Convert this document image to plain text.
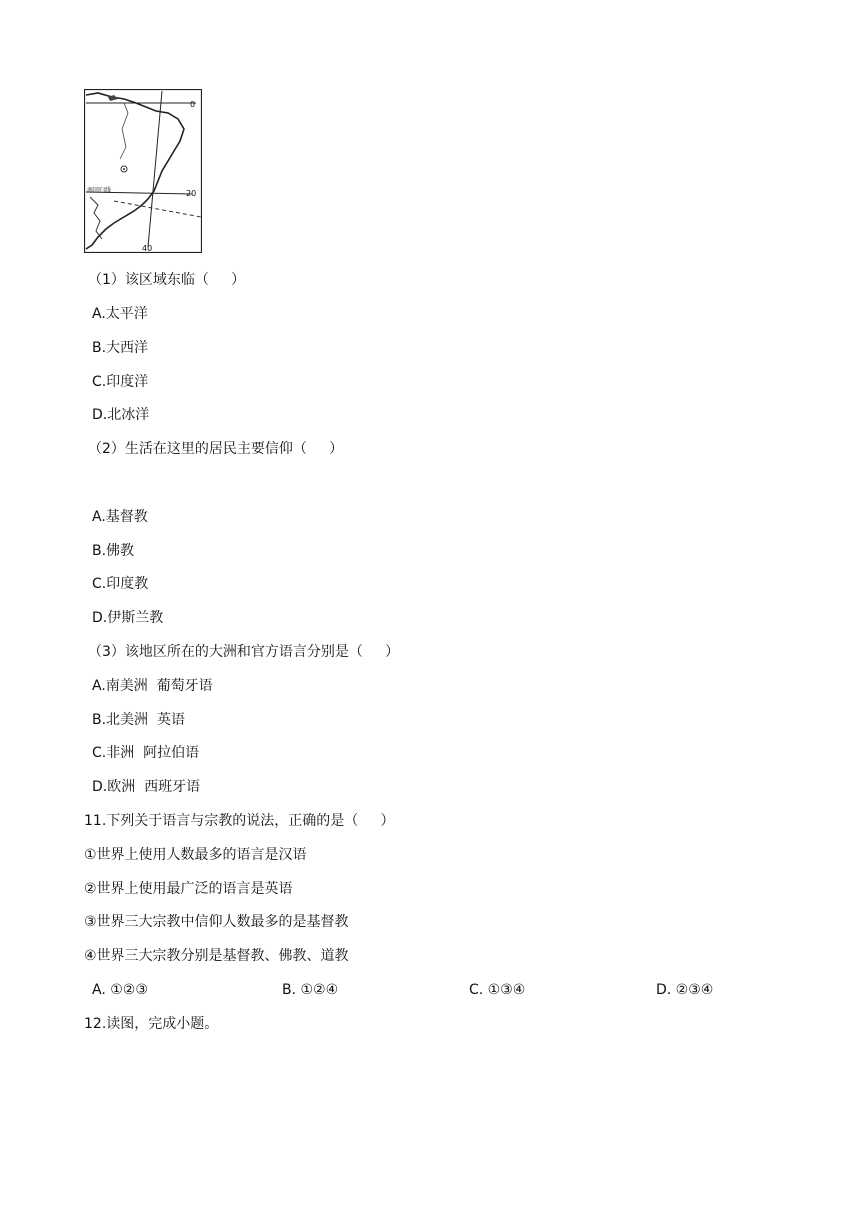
0
20
40
南回归线
（1）该区域东临（     ）
A.太平洋
B.大西洋
C.印度洋
D.北冰洋
（2）生活在这里的居民主要信仰（     ）
A.基督教
B.佛教
C.印度教
D.伊斯兰教
（3）该地区所在的大洲和官方语言分别是（     ）
A.南美洲  葡萄牙语
B.北美洲  英语
C.非洲  阿拉伯语
D.欧洲  西班牙语
11.下列关于语言与宗教的说法，正确的是（     ）
①世界上使用人数最多的语言是汉语
②世界上使用最广泛的语言是英语
③世界三大宗教中信仰人数最多的是基督教
④世界三大宗教分别是基督教、佛教、道教
A. ①②③	B. ①②④	C. ①③④	D. ②③④
12.读图，完成小题。
